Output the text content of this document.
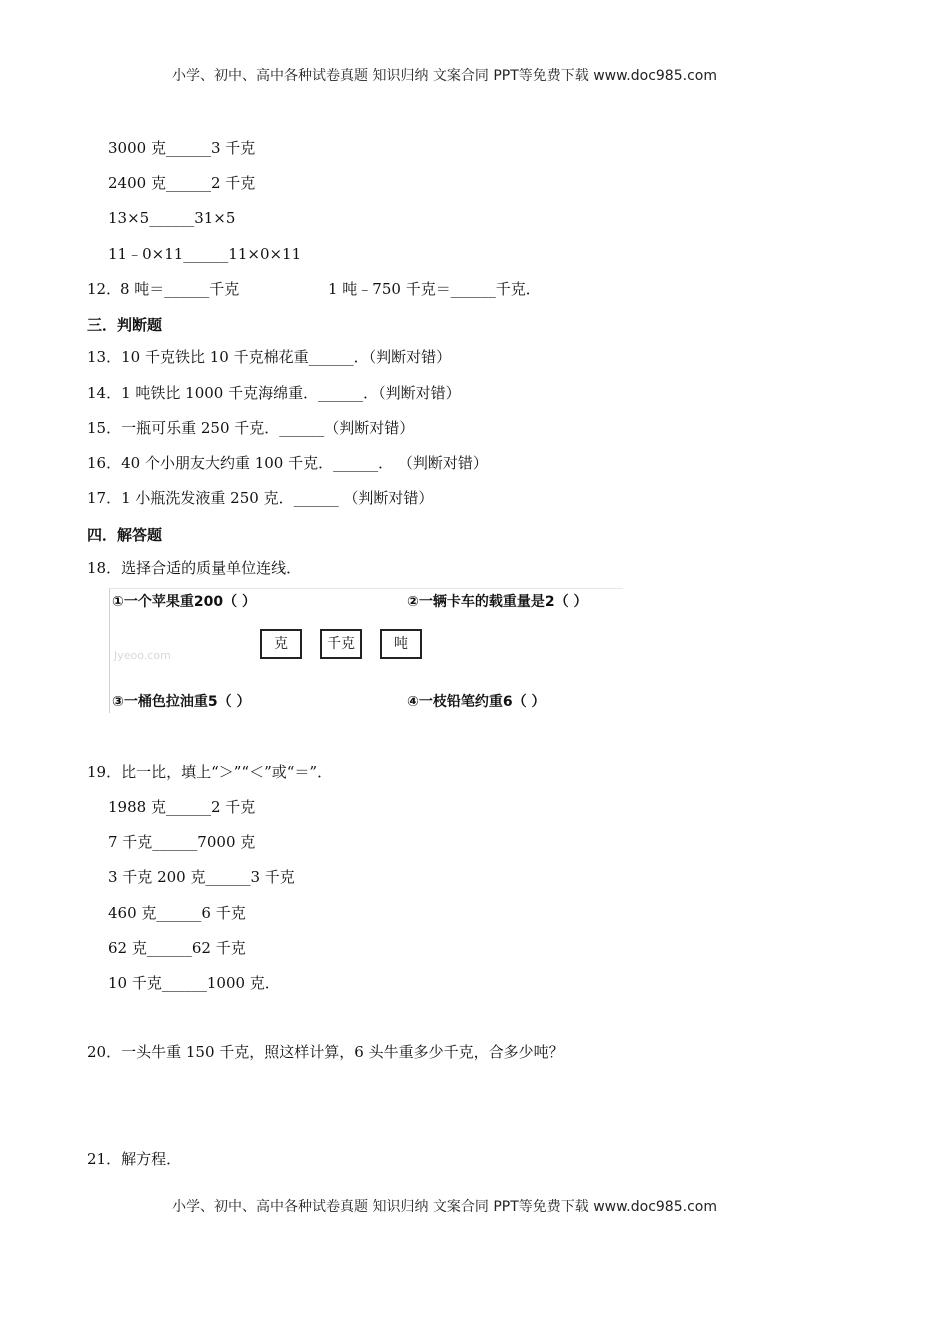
小学、初中、高中各种试卷真题 知识归纳 文案合同 PPT等免费下载 www.doc985.com
3000 克______3 千克
2400 克______2 千克
13×5______31×5
11﹣0×11______11×0×11
12．
8 吨＝______千克	1 吨﹣750 千克＝______千克．
三．判断题
13．10 千克铁比 10 千克棉花重______．（判断对错）
14．1 吨铁比 1000 千克海绵重．______．（判断对错）
15．一瓶可乐重 250 千克．______（判断对错）
16．40 个小朋友大约重 100 千克．______． （判断对错）
17．1 小瓶洗发液重 250 克．______ （判断对错）
四．解答题
18．选择合适的质量单位连线．
①一个苹果重200（ ）	②一辆卡车的载重量是2（ ）
克	千克	吨
Jyeoo.com
③一桶色拉油重5（ ）	④一枝铅笔约重6（ ）
19．比一比，填上“＞”“＜”或“＝”．
1988 克______2 千克
7 千克______7000 克
3 千克 200 克______3 千克
460 克______6 千克
62 克______62 千克
10 千克______1000 克．
20．一头牛重 150 千克，照这样计算，6 头牛重多少千克，合多少吨？
21．解方程．
小学、初中、高中各种试卷真题 知识归纳 文案合同 PPT等免费下载 www.doc985.com
